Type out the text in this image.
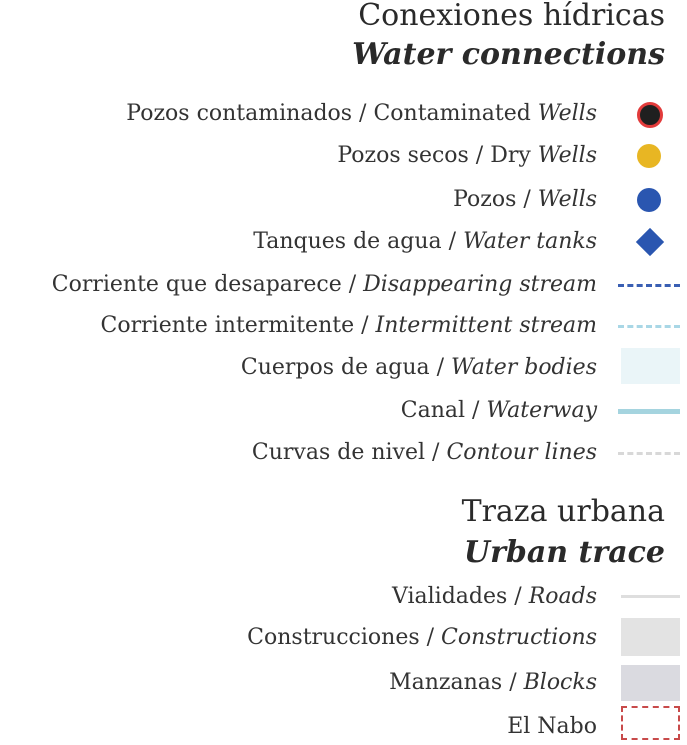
Conexiones hídricas
Water connections
Pozos contaminados / Contaminated Wells
Pozos secos / Dry Wells
Pozos / Wells
Tanques de agua / Water tanks
Corriente que desaparece / Disappearing stream
Corriente intermitente / Intermittent stream
Cuerpos de agua / Water bodies
Canal / Waterway
Curvas de nivel / Contour lines
Traza urbana
Urban trace
Vialidades / Roads
Construcciones / Constructions
Manzanas / Blocks
El Nabo
